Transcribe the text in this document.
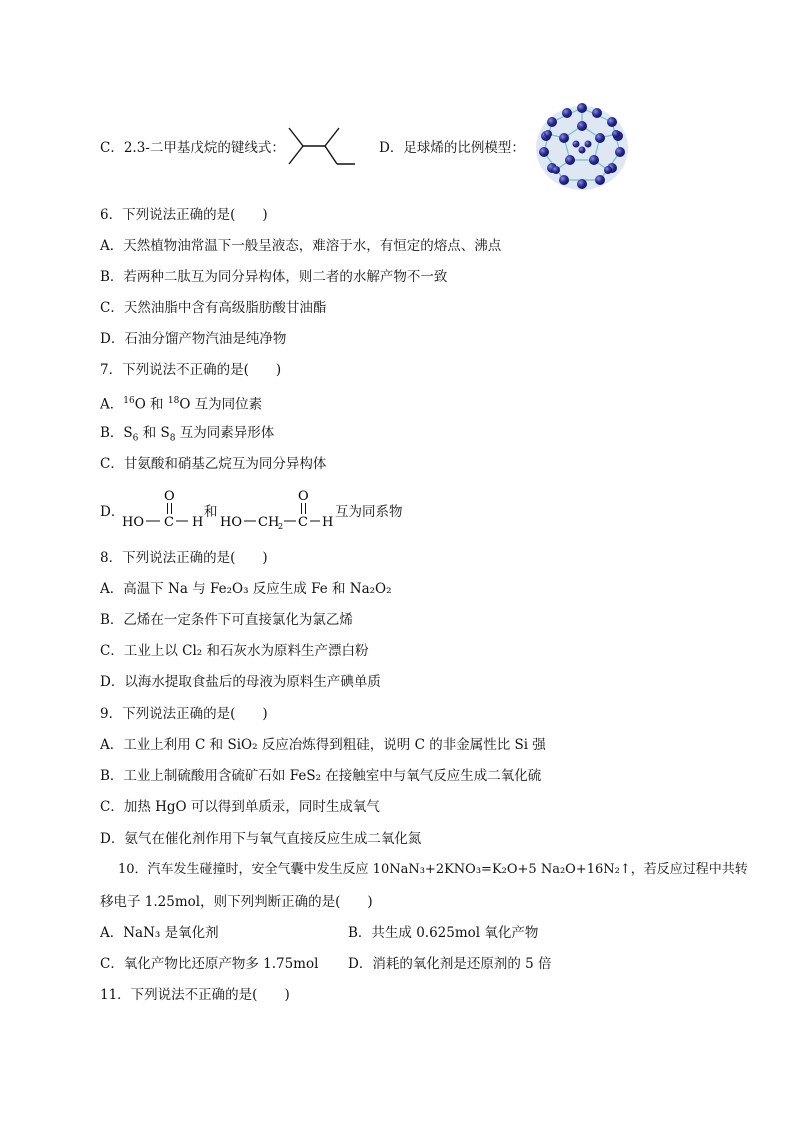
C．2.3-二甲基戊烷的键线式：	D．足球烯的比例模型：
6．下列说法正确的是(　　)
A．天然植物油常温下一般呈液态，难溶于水，有恒定的熔点、沸点
B．若两种二肽互为同分异构体，则二者的水解产物不一致
C．天然油脂中含有高级脂肪酸甘油酯
D．石油分馏产物汽油是纯净物
7．下列说法不正确的是(　　)
A．$^{16}$O 和 $^{18}$O 互为同位素
B．$S_6$ 和 $S_8$ 互为同素异形体
C．甘氨酸和硝基乙烷互为同分异构体
D．
O
HO C H
和
HO CH
2
O
C H
互为同系物
8．下列说法正确的是(　　)
A．高温下 Na 与 Fe₂O₃ 反应生成 Fe 和 Na₂O₂
B．乙烯在一定条件下可直接氯化为氯乙烯
C．工业上以 Cl₂ 和石灰水为原料生产漂白粉
D．以海水提取食盐后的母液为原料生产碘单质
9．下列说法正确的是(　　)
A．工业上利用 C 和 SiO₂ 反应冶炼得到粗硅，说明 C 的非金属性比 Si 强
B．工业上制硫酸用含硫矿石如 FeS₂ 在接触室中与氧气反应生成二氧化硫
C．加热 HgO 可以得到单质汞，同时生成氧气
D．氨气在催化剂作用下与氧气直接反应生成二氧化氮
10．汽车发生碰撞时，安全气囊中发生反应 10NaN₃+2KNO₃=K₂O+5 Na₂O+16N₂↑，若反应过程中共转
移电子 1.25mol，则下列判断正确的是(　　)
A．NaN₃ 是氧化剂	B．共生成 0.625mol 氧化产物
C．氧化产物比还原产物多 1.75mol D．消耗的氧化剂是还原剂的 5 倍
11．下列说法不正确的是(　　)
